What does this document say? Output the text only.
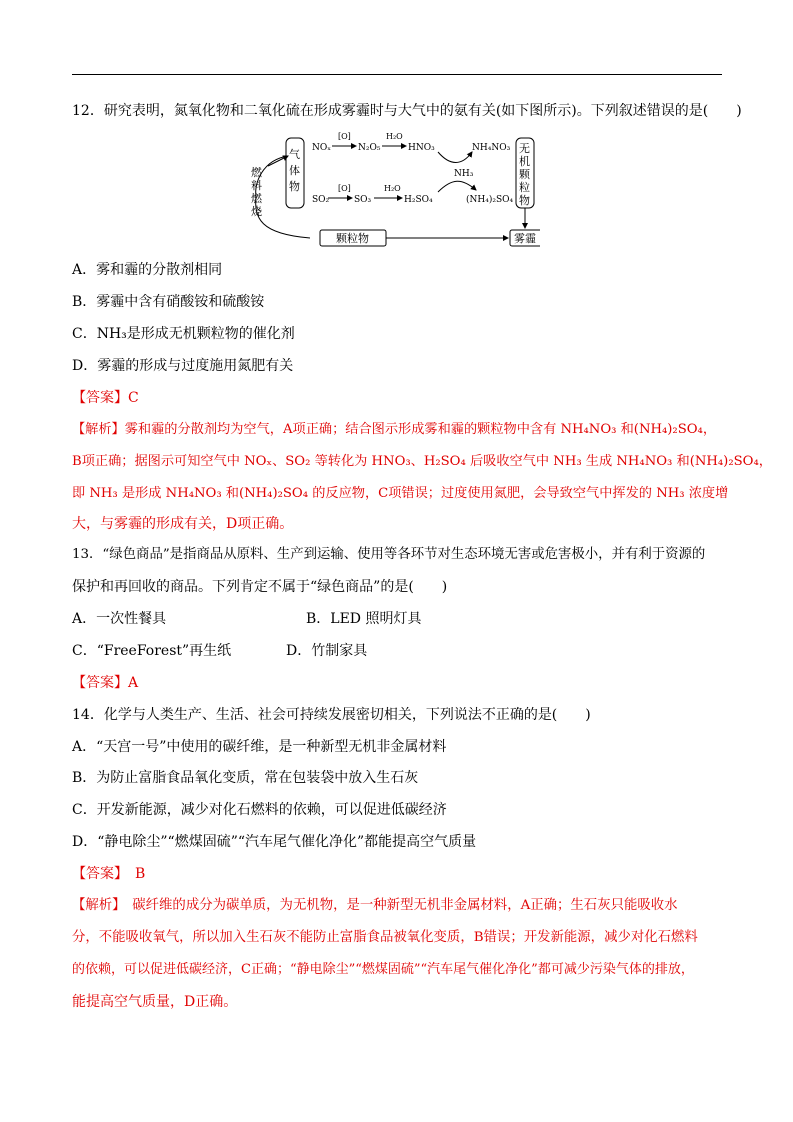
12．研究表明，氮氧化物和二氧化硫在形成雾霾时与大气中的氨有关(如下图所示)。下列叙述错误的是(　　)
燃料燃烧
气体物
NOₓ
[O]
N₂O₅
H₂O
HNO₃	NH₄NO₃
NH₃
SO₂
[O]
SO₃
H₂O
H₂SO₄	(NH₄)₂SO₄
无机颗粒物
颗粒物	雾霾
A．雾和霾的分散剂相同
B．雾霾中含有硝酸铵和硫酸铵
C．NH₃是形成无机颗粒物的催化剂
D．雾霾的形成与过度施用氮肥有关
【答案】C
【解析】雾和霾的分散剂均为空气，A项正确；结合图示形成雾和霾的颗粒物中含有 NH₄NO₃ 和(NH₄)₂SO₄，
B项正确；据图示可知空气中 NOₓ、SO₂ 等转化为 HNO₃、H₂SO₄ 后吸收空气中 NH₃ 生成 NH₄NO₃ 和(NH₄)₂SO₄，
即 NH₃ 是形成 NH₄NO₃ 和(NH₄)₂SO₄ 的反应物，C项错误；过度使用氮肥，会导致空气中挥发的 NH₃ 浓度增
大，与雾霾的形成有关，D项正确。
13．“绿色商品”是指商品从原料、生产到运输、使用等各环节对生态环境无害或危害极小，并有利于资源的
保护和再回收的商品。下列肯定不属于“绿色商品”的是(　　)
A．一次性餐具	B．LED 照明灯具
C．“FreeForest”再生纸	D．竹制家具
【答案】A
14．化学与人类生产、生活、社会可持续发展密切相关，下列说法不正确的是(　　)
A．“天宫一号”中使用的碳纤维，是一种新型无机非金属材料
B．为防止富脂食品氧化变质，常在包装袋中放入生石灰
C．开发新能源，减少对化石燃料的依赖，可以促进低碳经济
D．“静电除尘”“燃煤固硫”“汽车尾气催化净化”都能提高空气质量
【答案】　B
【解析】　碳纤维的成分为碳单质，为无机物，是一种新型无机非金属材料，A正确；生石灰只能吸收水
分，不能吸收氧气，所以加入生石灰不能防止富脂食品被氧化变质，B错误；开发新能源，减少对化石燃料
的依赖，可以促进低碳经济，C正确；“静电除尘”“燃煤固硫”“汽车尾气催化净化”都可减少污染气体的排放，
能提高空气质量，D正确。
